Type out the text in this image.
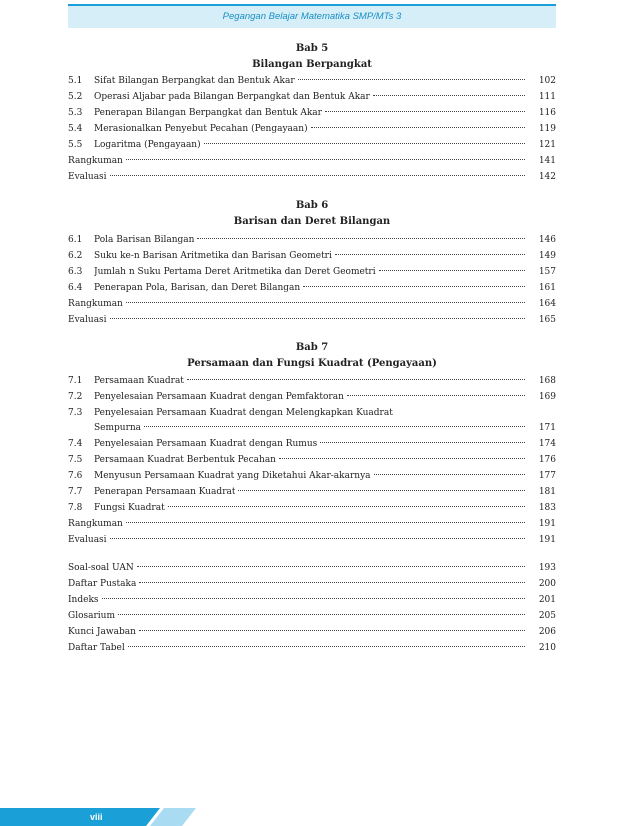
Pegangan Belajar Matematika SMP/MTs 3
Bab 5
Bilangan Berpangkat
5.1	Sifat Bilangan Berpangkat dan Bentuk Akar	102
5.2	Operasi Aljabar pada Bilangan Berpangkat dan Bentuk Akar	111
5.3	Penerapan Bilangan Berpangkat dan Bentuk Akar	116
5.4	Merasionalkan Penyebut Pecahan (Pengayaan)	119
5.5	Logaritma (Pengayaan)	121
Rangkuman	141
Evaluasi	142
Bab 6
Barisan dan Deret Bilangan
6.1	Pola Barisan Bilangan	146
6.2	Suku ke-n Barisan Aritmetika dan Barisan Geometri	149
6.3	Jumlah n Suku Pertama Deret Aritmetika dan Deret Geometri	157
6.4	Penerapan Pola, Barisan, dan Deret Bilangan	161
Rangkuman	164
Evaluasi	165
Bab 7
Persamaan dan Fungsi Kuadrat (Pengayaan)
7.1	Persamaan Kuadrat	168
7.2	Penyelesaian Persamaan Kuadrat dengan Pemfaktoran	169
7.3	Penyelesaian Persamaan Kuadrat dengan Melengkapkan Kuadrat
Sempurna	171
7.4	Penyelesaian Persamaan Kuadrat dengan Rumus	174
7.5	Persamaan Kuadrat Berbentuk Pecahan	176
7.6	Menyusun Persamaan Kuadrat yang Diketahui Akar-akarnya	177
7.7	Penerapan Persamaan Kuadrat	181
7.8	Fungsi Kuadrat	183
Rangkuman	191
Evaluasi	191
Soal-soal UAN	193
Daftar Pustaka	200
Indeks	201
Glosarium	205
Kunci Jawaban	206
Daftar Tabel	210
viii
